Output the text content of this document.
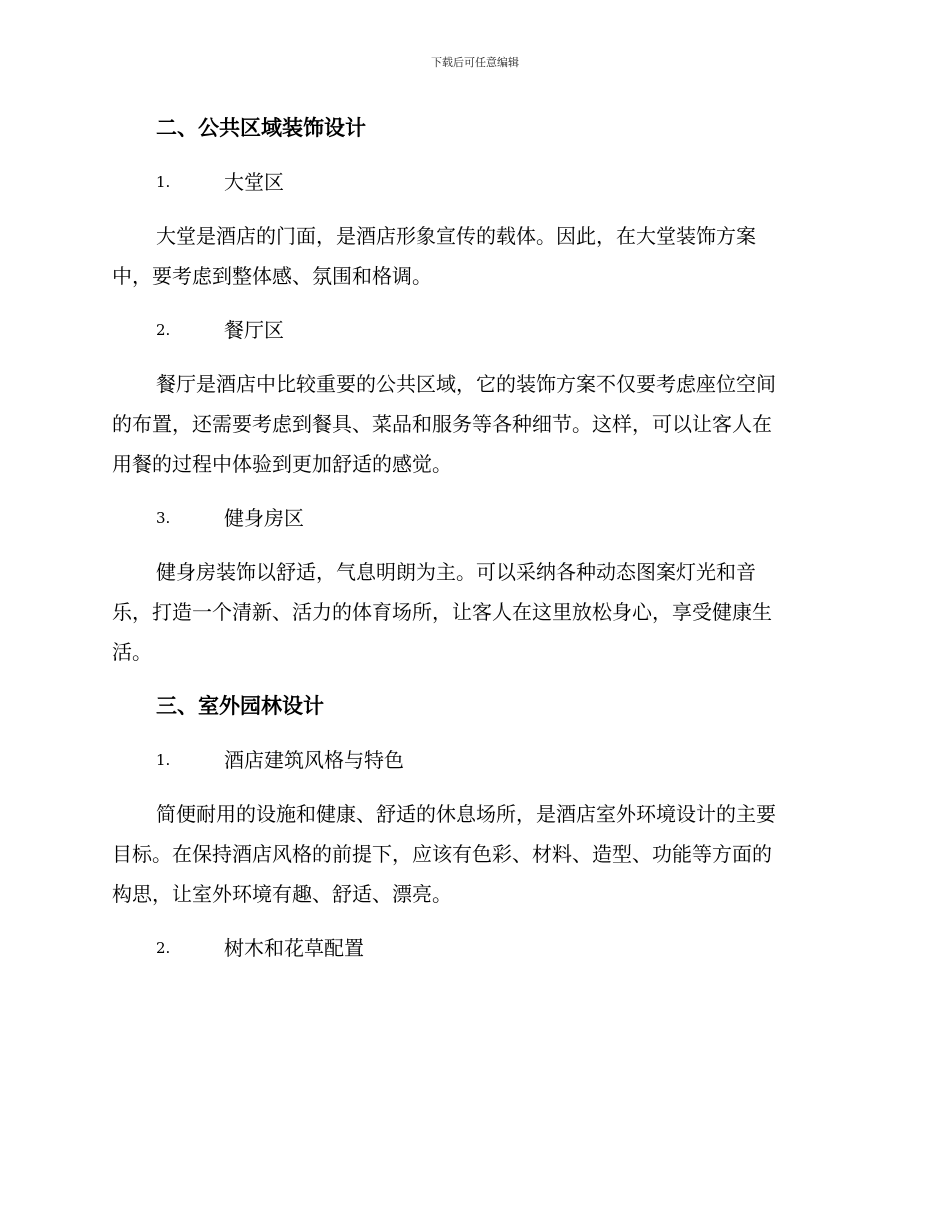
下载后可任意编辑
二、公共区域装饰设计
1.	大堂区

大堂是酒店的门面，是酒店形象宣传的载体。因此，在大堂装饰方案

中，要考虑到整体感、氛围和格调。

2.	餐厅区

餐厅是酒店中比较重要的公共区域，它的装饰方案不仅要考虑座位空间

的布置，还需要考虑到餐具、菜品和服务等各种细节。这样，可以让客人在

用餐的过程中体验到更加舒适的感觉。

3.	健身房区

健身房装饰以舒适，气息明朗为主。可以采纳各种动态图案灯光和音

乐，打造一个清新、活力的体育场所，让客人在这里放松身心，享受健康生

活。

三、室外园林设计
1.	酒店建筑风格与特色

简便耐用的设施和健康、舒适的休息场所，是酒店室外环境设计的主要

目标。在保持酒店风格的前提下，应该有色彩、材料、造型、功能等方面的

构思，让室外环境有趣、舒适、漂亮。

2.	树木和花草配置
